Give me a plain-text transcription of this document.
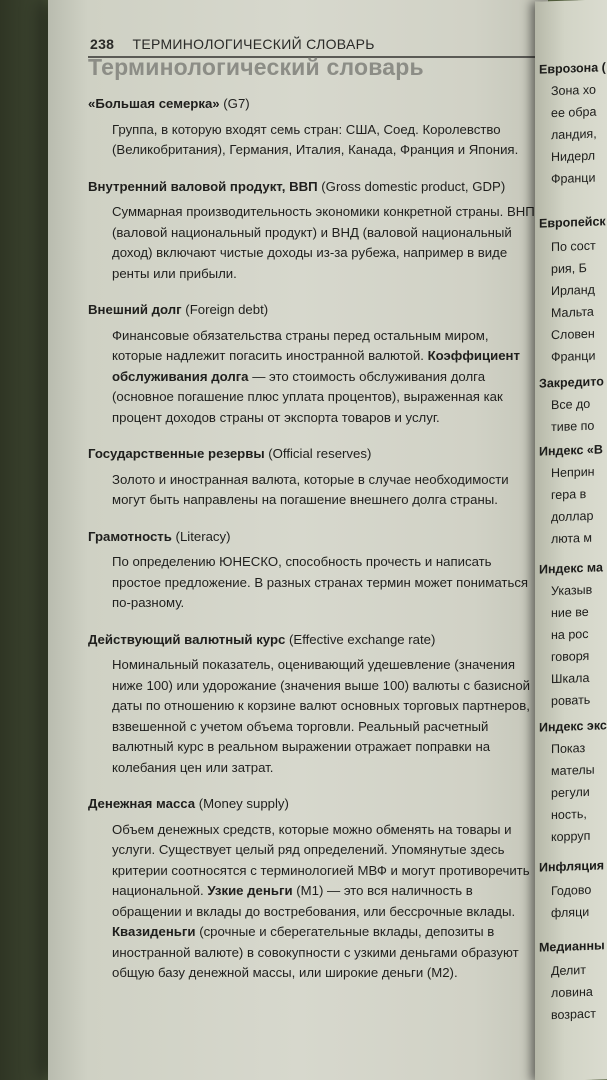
238 ТЕРМИНОЛОГИЧЕСКИЙ СЛОВАРЬ
Терминологический словарь
«Большая семерка» (G7)
Группа, в которую входят семь стран: США, Соед. Королевство (Великобритания), Германия, Италия, Канада, Франция и Япония.
Внутренний валовой продукт, ВВП (Gross domestic product, GDP)
Суммарная производительность экономики конкретной страны. ВНП (валовой национальный продукт) и ВНД (валовой национальный доход) включают чистые доходы из-за рубежа, например в виде ренты или прибыли.
Внешний долг (Foreign debt)
Финансовые обязательства страны перед остальным миром, которые надлежит погасить иностранной валютой. Коэффициент обслуживания долга — это стоимость обслуживания долга (основное погашение плюс уплата процентов), выраженная как процент доходов страны от экспорта товаров и услуг.
Государственные резервы (Official reserves)
Золото и иностранная валюта, которые в случае необходимости могут быть направлены на погашение внешнего долга страны.
Грамотность (Literacy)
По определению ЮНЕСКО, способность прочесть и написать простое предложение. В разных странах термин может пониматься по-разному.
Действующий валютный курс (Effective exchange rate)
Номинальный показатель, оценивающий удешевление (значения ниже 100) или удорожание (значения выше 100) валюты с базисной даты по отношению к корзине валют основных торговых партнеров, взвешенной с учетом объема торговли. Реальный расчетный валютный курс в реальном выражении отражает поправки на колебания цен или затрат.
Денежная масса (Money supply)
Объем денежных средств, которые можно обменять на товары и услуги. Существует целый ряд определений. Упомянутые здесь критерии соотносятся с терминологией МВФ и могут противоречить национальной. Узкие деньги (М1) — это вся наличность в обращении и вклады до востребования, или бессрочные вклады. Квазиденьги (срочные и сберегательные вклады, депозиты в иностранной валюте) в совокупности с узкими деньгами образуют общую базу денежной массы, или широкие деньги (М2).
Еврозона (
Зона хо
ее обра
ландия,
Нидерл
Франци
Европейск
По сост
рия, Б
Ирланд
Мальта
Словен
Франци
Закредито
Все до
тиве по
Индекс «В
Неприн
гера в
доллар
люта м
Индекс ма
Указыв
ние ве
на рос
говоря
Шкала
ровать
Индекс экс
Показ
мателы
регули
ность,
корруп
Инфляция
Годово
фляци
Медианны
Делит
ловина
возраст
